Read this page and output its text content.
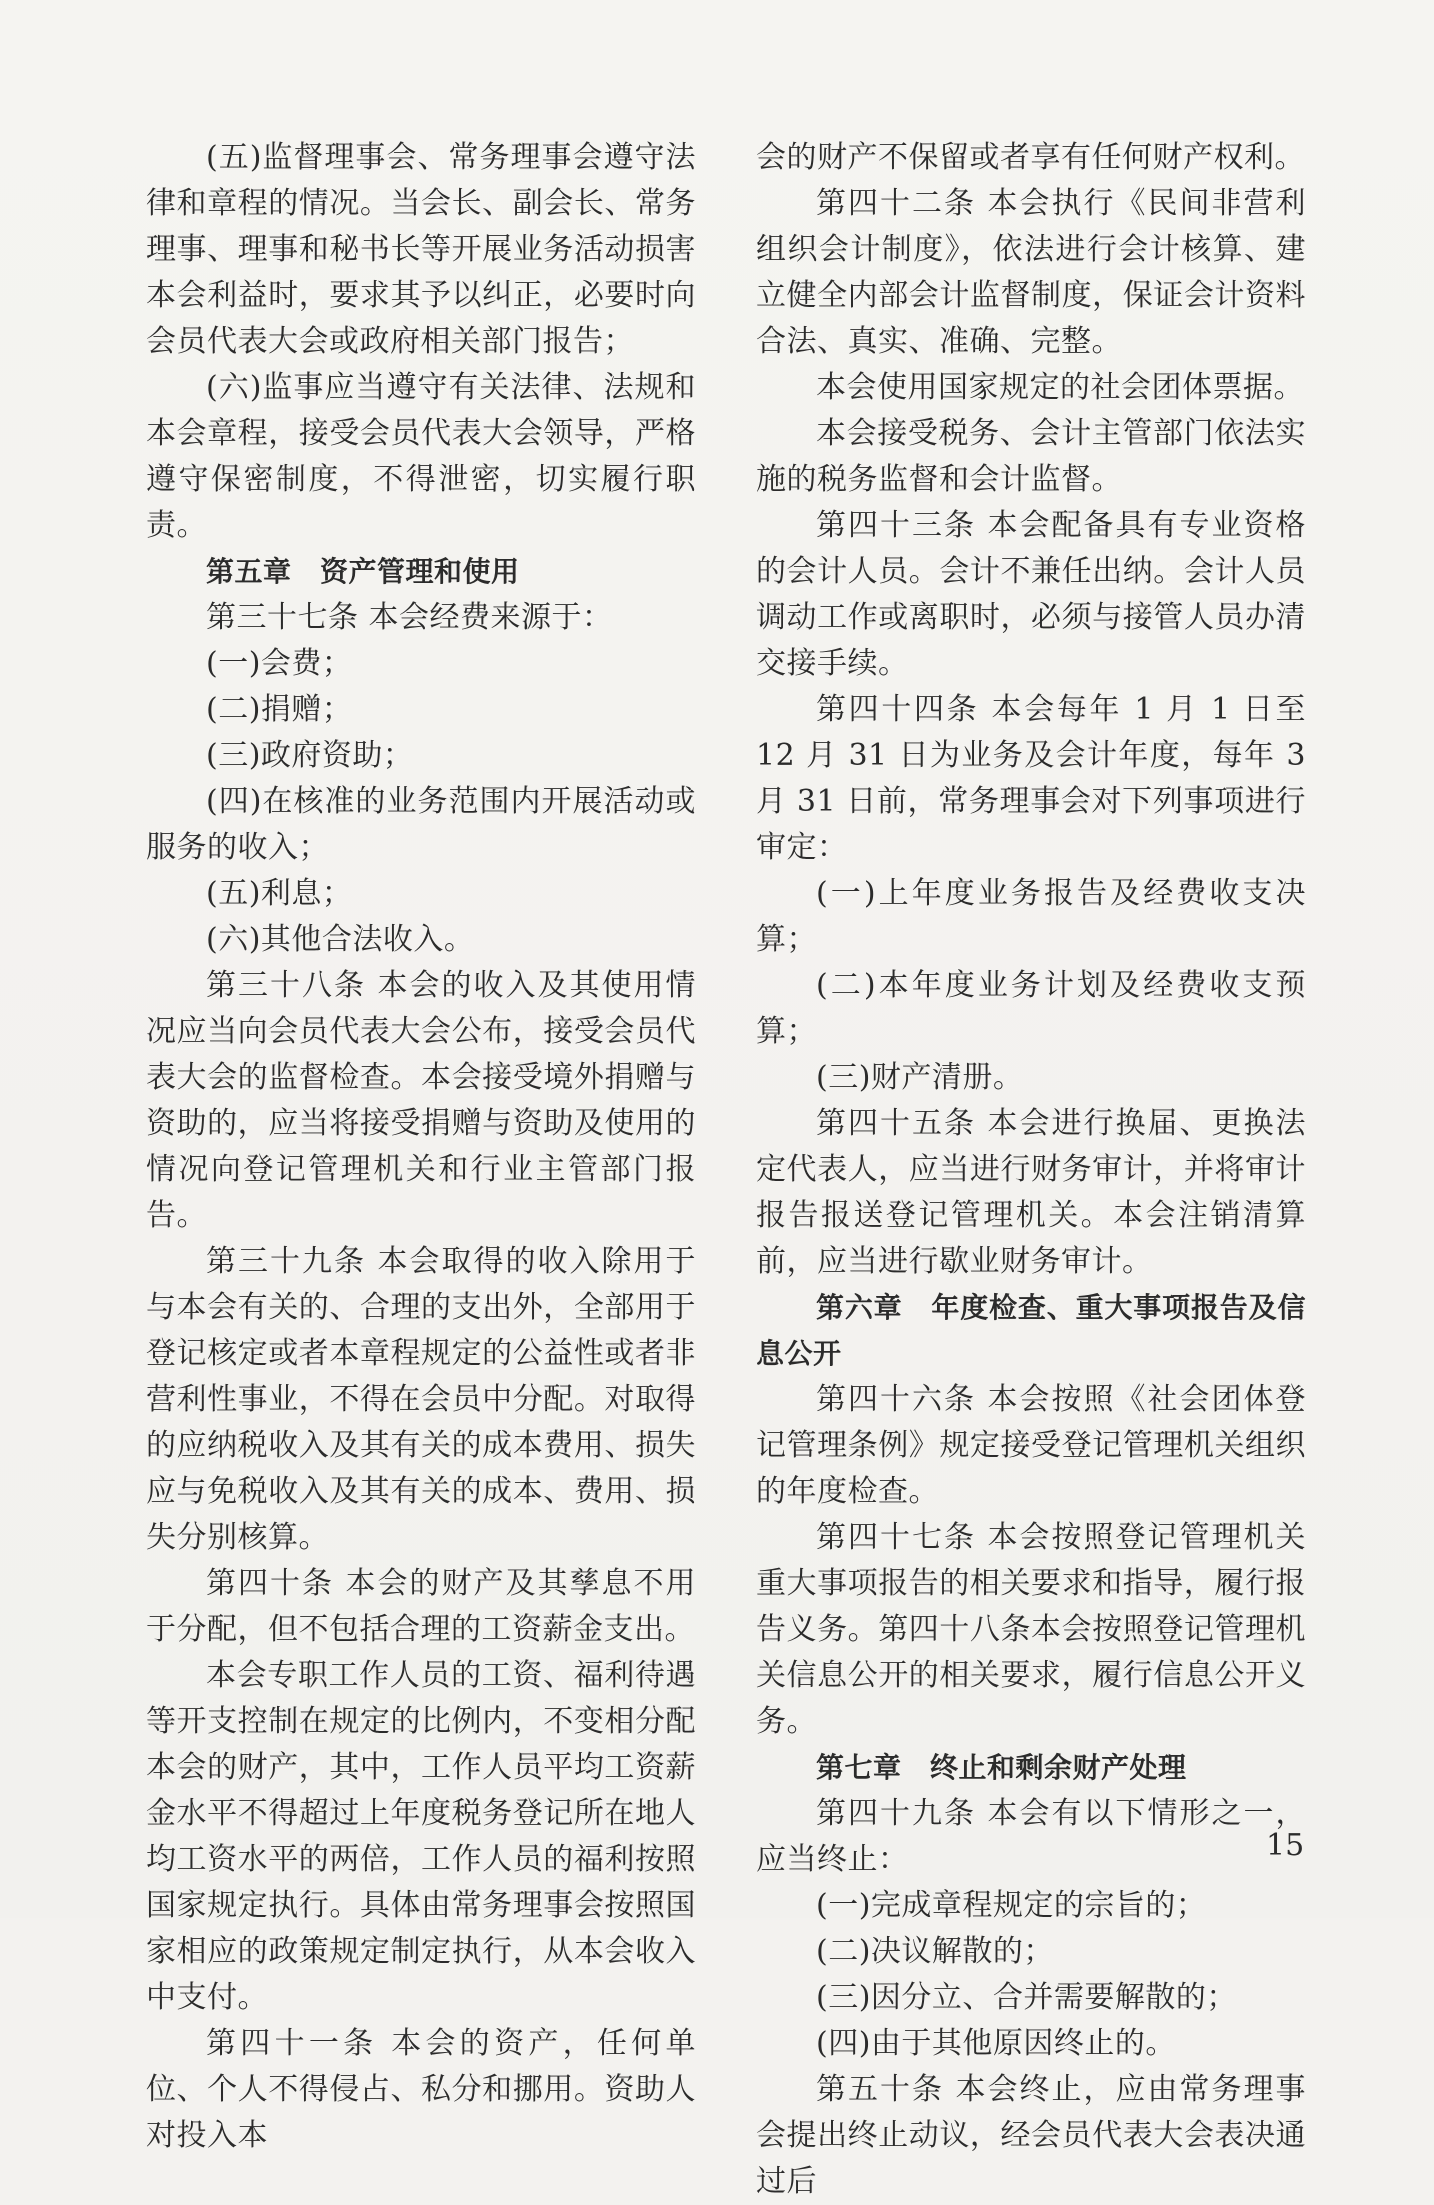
(五)监督理事会、常务理事会遵守法律和章程的情况。当会长、副会长、常务理事、理事和秘书长等开展业务活动损害本会利益时，要求其予以纠正，必要时向会员代表大会或政府相关部门报告；

(六)监事应当遵守有关法律、法规和本会章程，接受会员代表大会领导，严格遵守保密制度，不得泄密，切实履行职责。

第五章　资产管理和使用

第三十七条 本会经费来源于：

(一)会费；

(二)捐赠；

(三)政府资助；

(四)在核准的业务范围内开展活动或服务的收入；

(五)利息；

(六)其他合法收入。

第三十八条 本会的收入及其使用情况应当向会员代表大会公布，接受会员代表大会的监督检查。本会接受境外捐赠与资助的，应当将接受捐赠与资助及使用的情况向登记管理机关和行业主管部门报告。

第三十九条 本会取得的收入除用于与本会有关的、合理的支出外，全部用于登记核定或者本章程规定的公益性或者非营利性事业，不得在会员中分配。对取得的应纳税收入及其有关的成本费用、损失应与免税收入及其有关的成本、费用、损失分别核算。

第四十条 本会的财产及其孳息不用于分配，但不包括合理的工资薪金支出。

本会专职工作人员的工资、福利待遇等开支控制在规定的比例内，不变相分配本会的财产，其中，工作人员平均工资薪金水平不得超过上年度税务登记所在地人均工资水平的两倍，工作人员的福利按照国家规定执行。具体由常务理事会按照国家相应的政策规定制定执行，从本会收入中支付。

第四十一条 本会的资产，任何单位、个人不得侵占、私分和挪用。资助人对投入本

会的财产不保留或者享有任何财产权利。

第四十二条 本会执行《民间非营利组织会计制度》，依法进行会计核算、建立健全内部会计监督制度，保证会计资料合法、真实、准确、完整。

本会使用国家规定的社会团体票据。

本会接受税务、会计主管部门依法实施的税务监督和会计监督。

第四十三条 本会配备具有专业资格的会计人员。会计不兼任出纳。会计人员调动工作或离职时，必须与接管人员办清交接手续。

第四十四条 本会每年 1 月 1 日至 12 月 31 日为业务及会计年度，每年 3 月 31 日前，常务理事会对下列事项进行审定：

(一)上年度业务报告及经费收支决算；

(二)本年度业务计划及经费收支预算；

(三)财产清册。

第四十五条 本会进行换届、更换法定代表人，应当进行财务审计，并将审计报告报送登记管理机关。本会注销清算前，应当进行歇业财务审计。

第六章　年度检查、重大事项报告及信息公开

第四十六条 本会按照《社会团体登记管理条例》规定接受登记管理机关组织的年度检查。

第四十七条 本会按照登记管理机关重大事项报告的相关要求和指导，履行报告义务。第四十八条本会按照登记管理机关信息公开的相关要求，履行信息公开义务。

第七章　终止和剩余财产处理

第四十九条 本会有以下情形之一，应当终止：

(一)完成章程规定的宗旨的；

(二)决议解散的；

(三)因分立、合并需要解散的；

(四)由于其他原因终止的。

第五十条 本会终止，应由常务理事会提出终止动议，经会员代表大会表决通过后

15
